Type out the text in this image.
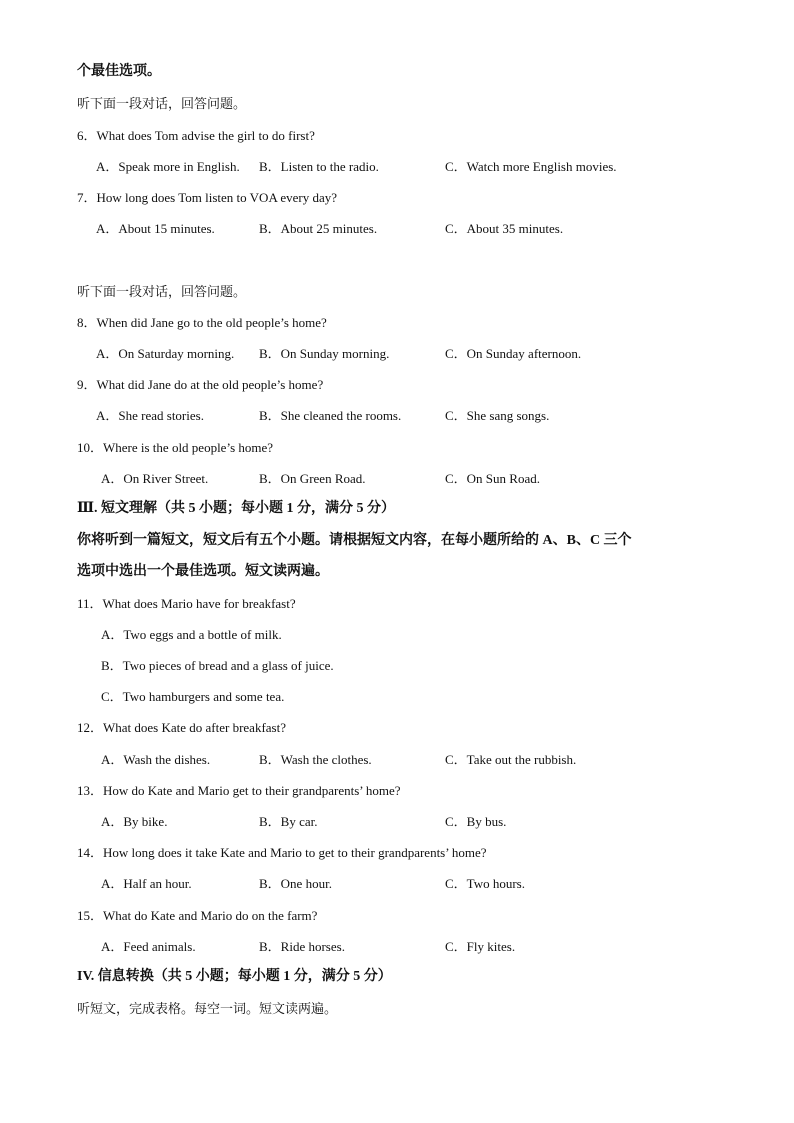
个最佳选项。
听下面一段对话，回答问题。
6．What does Tom advise the girl to do first?
A．Speak more in English. B．Listen to the radio.	C．Watch more English movies.
7．How long does Tom listen to VOA every day?
A．About 15 minutes.	B．About 25 minutes.	C．About 35 minutes.
听下面一段对话，回答问题。
8．When did Jane go to the old people’s home?
A．On Saturday morning. B．On Sunday morning.	C．On Sunday afternoon.
9．What did Jane do at the old people’s home?
A．She read stories.	B．She cleaned the rooms.	C．She sang songs.
10．Where is the old people’s home?
A．On River Street.	B．On Green Road.	C．On Sun Road.
Ⅲ. 短文理解（共 5 小题；每小题 1 分，满分 5 分）
你将听到一篇短文，短文后有五个小题。请根据短文内容，在每小题所给的 A、B、C 三个
选项中选出一个最佳选项。短文读两遍。
11．What does Mario have for breakfast?
A．Two eggs and a bottle of milk.
B．Two pieces of bread and a glass of juice.
C．Two hamburgers and some tea.
12．What does Kate do after breakfast?
A．Wash the dishes.	B．Wash the clothes.	C．Take out the rubbish.
13．How do Kate and Mario get to their grandparents’ home?
A．By bike.	B．By car.	C．By bus.
14．How long does it take Kate and Mario to get to their grandparents’ home?
A．Half an hour.	B．One hour.	C．Two hours.
15．What do Kate and Mario do on the farm?
A．Feed animals.	B．Ride horses.	C．Fly kites.
IV. 信息转换（共 5 小题；每小题 1 分，满分 5 分）
听短文，完成表格。每空一词。短文读两遍。
